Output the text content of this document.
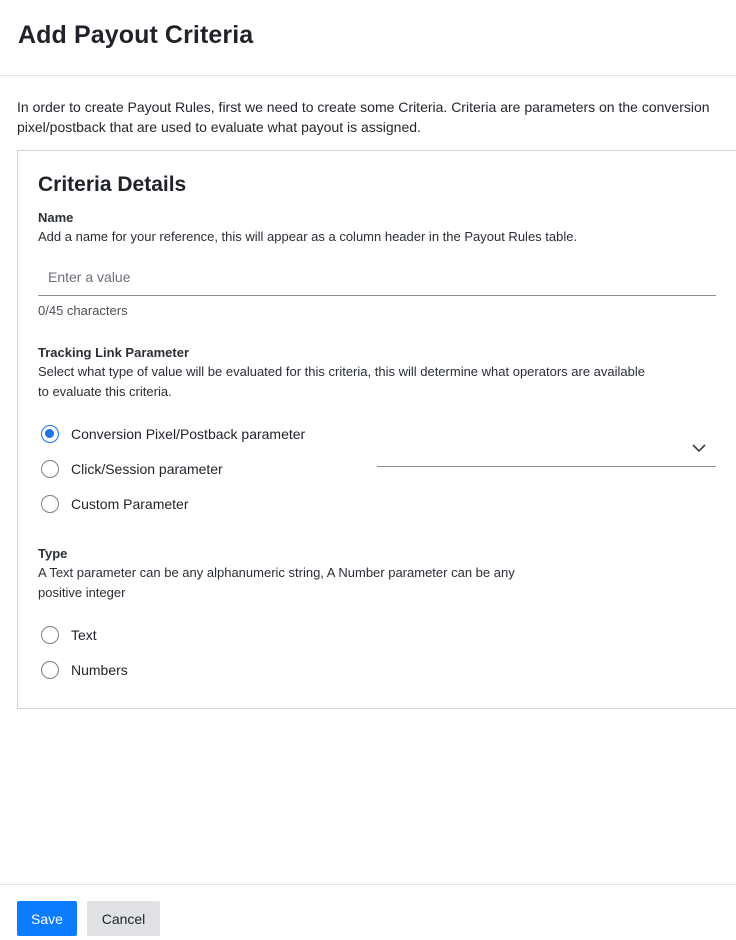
Add Payout Criteria

In order to create Payout Rules, first we need to create some Criteria. Criteria are parameters on the conversion pixel/postback that are used to evaluate what payout is assigned.

Criteria Details
Name
Add a name for your reference, this will appear as a column header in the Payout Rules table.
Enter a value
0/45 characters
Tracking Link Parameter
Select what type of value will be evaluated for this criteria, this will determine what operators are available to evaluate this criteria.
Conversion Pixel/Postback parameter
Click/Session parameter
Custom Parameter
Type
A Text parameter can be any alphanumeric string, A Number parameter can be any positive integer
Text
Numbers
Save	Cancel
